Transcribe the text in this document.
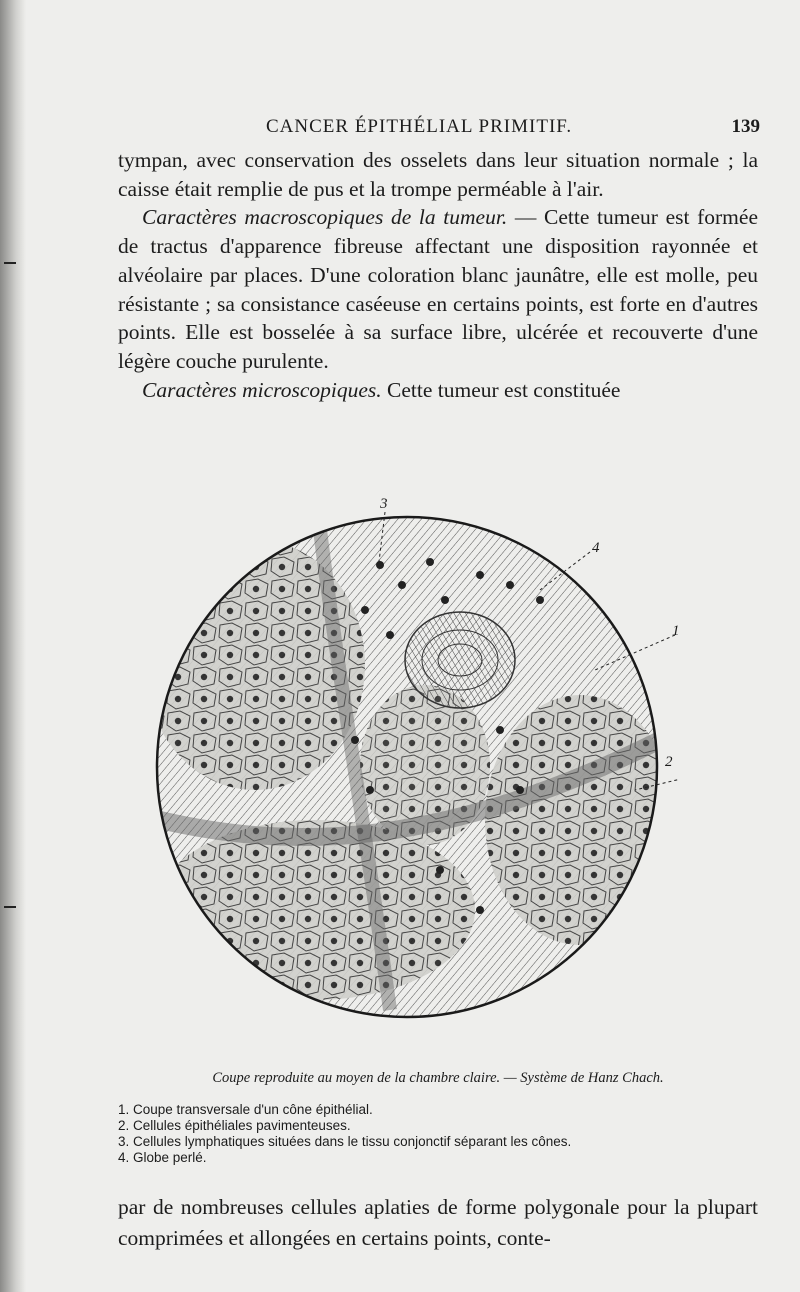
CANCER ÉPITHÉLIAL PRIMITIF.	139

tympan, avec conservation des osselets dans leur situation normale ; la caisse était remplie de pus et la trompe perméable à l'air.

Caractères macroscopiques de la tumeur. — Cette tumeur est formée de tractus d'apparence fibreuse affectant une disposition rayonnée et alvéolaire par places. D'une coloration blanc jaunâtre, elle est molle, peu résistante ; sa consistance caséeuse en certains points, est forte en d'autres points. Elle est bosselée à sa surface libre, ulcérée et recouverte d'une légère couche purulente.

Caractères microscopiques. Cette tumeur est constituée

3
4
1
2
Coupe reproduite au moyen de la chambre claire. — Système de Hanz Chach.
1. Coupe transversale d'un cône épithélial.
2. Cellules épithéliales pavimenteuses.
3. Cellules lymphatiques situées dans le tissu conjonctif séparant les cônes.
4. Globe perlé.

par de nombreuses cellules aplaties de forme polygonale pour la plupart comprimées et allongées en certains points, conte-
